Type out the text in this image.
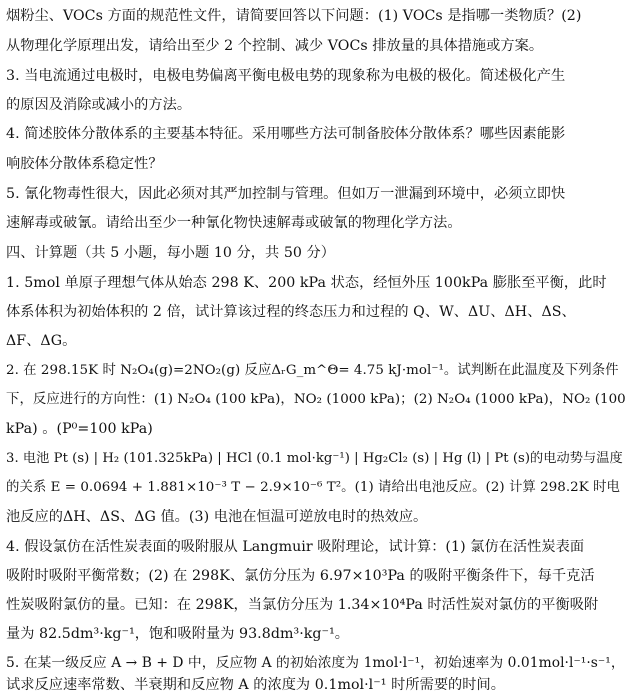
烟粉尘、VOCs 方面的规范性文件，请简要回答以下问题：(1) VOCs 是指哪一类物质？(2)
从物理化学原理出发，请给出至少 2 个控制、减少 VOCs 排放量的具体措施或方案。
3. 当电流通过电极时，电极电势偏离平衡电极电势的现象称为电极的极化。简述极化产生
的原因及消除或减小的方法。
4. 简述胶体分散体系的主要基本特征。采用哪些方法可制备胶体分散体系？哪些因素能影
响胶体分散体系稳定性？
5. 氰化物毒性很大，因此必须对其严加控制与管理。但如万一泄漏到环境中，必须立即快
速解毒或破氰。请给出至少一种氰化物快速解毒或破氰的物理化学方法。
四、计算题（共 5 小题，每小题 10 分，共 50 分）
1. 5mol 单原子理想气体从始态 298 K、200 kPa 状态，经恒外压 100kPa 膨胀至平衡，此时
体系体积为初始体积的 2 倍，试计算该过程的终态压力和过程的 Q、W、ΔU、ΔH、ΔS、
ΔF、ΔG。
2. 在 298.15K 时 N₂O₄(g)=2NO₂(g) 反应ΔᵣG_m^Θ= 4.75 kJ·mol⁻¹。试判断在此温度及下列条件
下，反应进行的方向性：(1) N₂O₄ (100 kPa)，NO₂ (1000 kPa)；(2) N₂O₄ (1000 kPa)，NO₂ (100
kPa) 。(P⁰=100 kPa)
3. 电池 Pt (s) | H₂ (101.325kPa) | HCl (0.1 mol·kg⁻¹) | Hg₂Cl₂ (s) | Hg (l) | Pt (s)的电动势与温度
的关系 E = 0.0694 + 1.881×10⁻³ T − 2.9×10⁻⁶ T²。(1) 请给出电池反应。(2) 计算 298.2K 时电
池反应的ΔH、ΔS、ΔG 值。(3) 电池在恒温可逆放电时的热效应。
4. 假设氯仿在活性炭表面的吸附服从 Langmuir 吸附理论，试计算：(1) 氯仿在活性炭表面
吸附时吸附平衡常数；(2) 在 298K、氯仿分压为 6.97×10³Pa 的吸附平衡条件下，每千克活
性炭吸附氯仿的量。已知：在 298K，当氯仿分压为 1.34×10⁴Pa 时活性炭对氯仿的平衡吸附
量为 82.5dm³·kg⁻¹，饱和吸附量为 93.8dm³·kg⁻¹。
5. 在某一级反应 A → B + D 中，反应物 A 的初始浓度为 1mol·l⁻¹，初始速率为 0.01mol·l⁻¹·s⁻¹，
试求反应速率常数、半衰期和反应物 A 的浓度为 0.1mol·l⁻¹ 时所需要的时间。
